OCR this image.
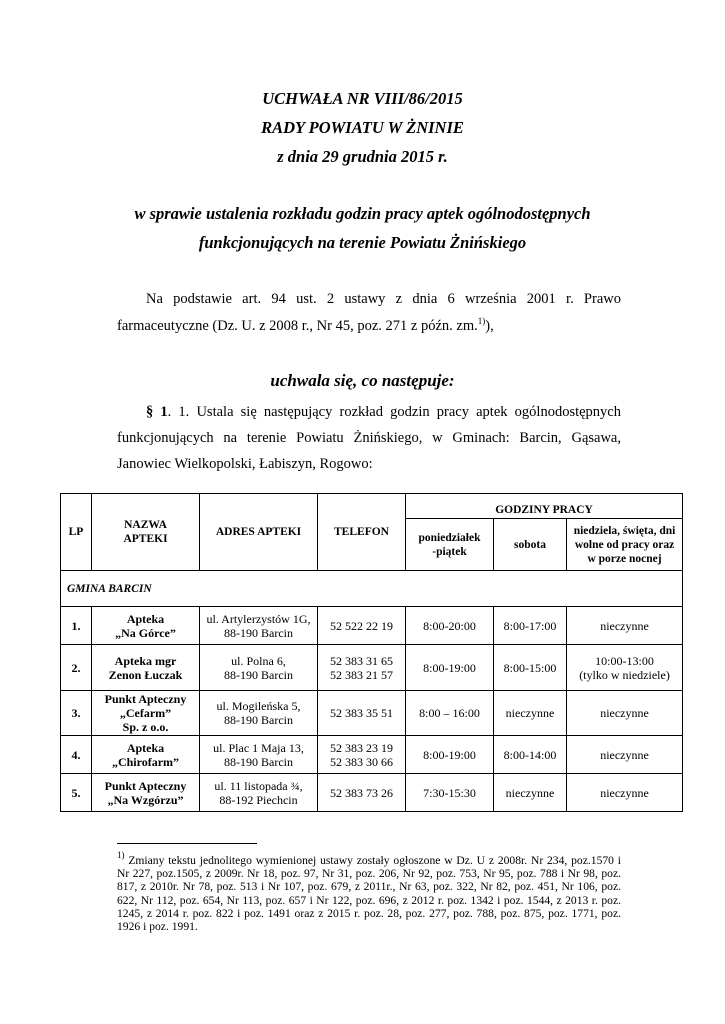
UCHWAŁA NR VIII/86/2015
RADY POWIATU W ŻNINIE
z dnia 29 grudnia 2015 r.
w sprawie ustalenia rozkładu godzin pracy aptek ogólnodostępnych
funkcjonujących na terenie Powiatu Żnińskiego
Na podstawie art. 94 ust. 2 ustawy z dnia 6 września 2001 r. Prawo
farmaceutyczne (Dz. U. z 2008 r., Nr 45, poz. 271 z późn. zm.$^{1)}$),
uchwala się, co następuje:
§ 1. 1. Ustala się następujący rozkład godzin pracy aptek ogólnodostępnych
funkcjonujących na terenie Powiatu Żnińskiego, w Gminach: Barcin, Gąsawa,
Janowiec Wielkopolski, Łabiszyn, Rogowo:
LP	NAZWA
APTEKI	ADRES APTEKI	TELEFON	GODZINY PRACY		
				poniedziałek
-piątek	sobota	niedziela, święta, dni
wolne od pracy oraz
w porze nocnej
GMINA BARCIN						
1.	Apteka
„Na Górce”	ul. Artylerzystów 1G,
88-190 Barcin	52 522 22 19	8:00-20:00	8:00-17:00	nieczynne
2.	Apteka mgr
Zenon Łuczak	ul. Polna 6,
88-190 Barcin	52 383 31 65
52 383 21 57	8:00-19:00	8:00-15:00	10:00-13:00
(tylko w niedziele)
3.	Punkt Apteczny
„Cefarm”
Sp. z o.o.	ul. Mogileńska 5,
88-190 Barcin	52 383 35 51	8:00 – 16:00	nieczynne	nieczynne
4.	Apteka
„Chirofarm”	ul. Plac 1 Maja 13,
88-190 Barcin	52 383 23 19
52 383 30 66	8:00-19:00	8:00-14:00	nieczynne
5.	Punkt Apteczny
„Na Wzgórzu”	ul. 11 listopada ¾,
88-192 Piechcin	52 383 73 26	7:30-15:30	nieczynne	nieczynne
$^{1)}$ Zmiany tekstu jednolitego wymienionej ustawy zostały ogłoszone w Dz. U z 2008r. Nr 234, poz.1570 i Nr 227, poz.1505, z 2009r. Nr 18, poz. 97, Nr 31, poz. 206, Nr 92, poz. 753, Nr 95, poz. 788 i Nr 98, poz. 817, z 2010r. Nr 78, poz. 513 i Nr 107, poz. 679, z 2011r., Nr 63, poz. 322, Nr 82, poz. 451, Nr 106, poz. 622, Nr 112, poz. 654, Nr 113, poz. 657 i Nr 122, poz. 696, z 2012 r. poz. 1342 i poz. 1544, z 2013 r. poz. 1245, z 2014 r. poz. 822 i poz. 1491 oraz z 2015 r. poz. 28, poz. 277, poz. 788, poz. 875, poz. 1771, poz. 1926 i poz. 1991.
